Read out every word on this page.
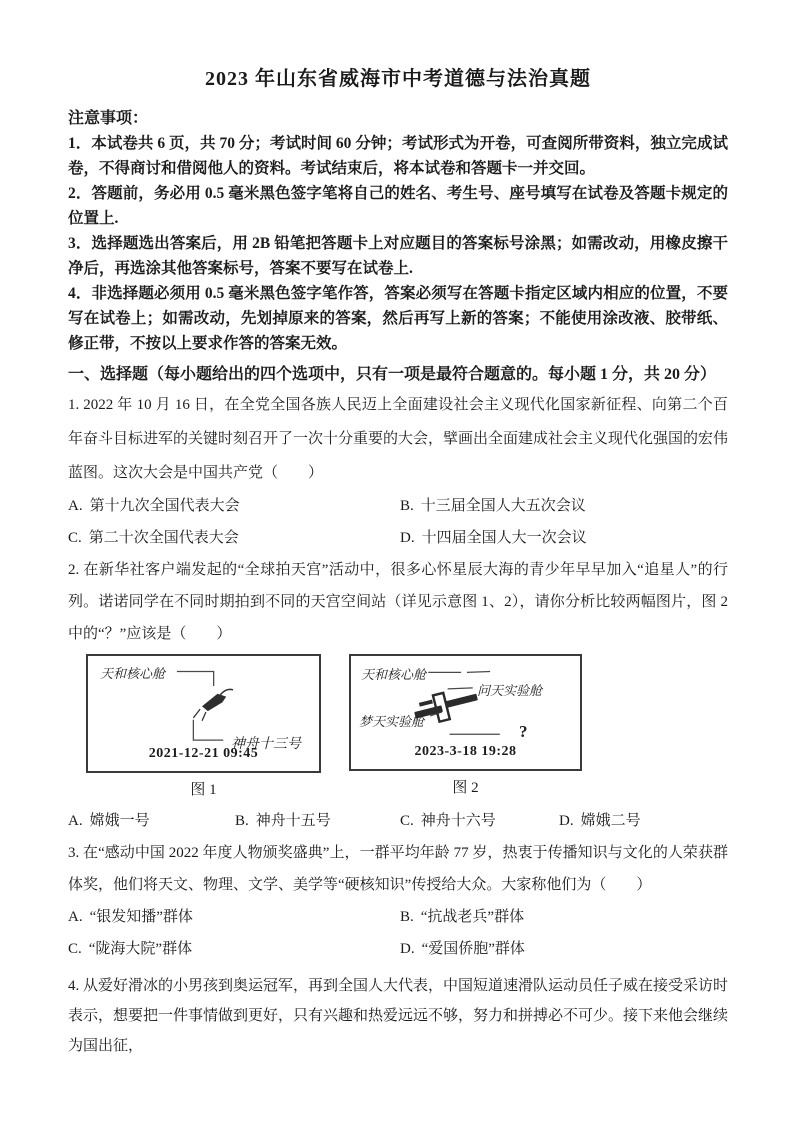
2023 年山东省威海市中考道德与法治真题
注意事项：
1．本试卷共 6 页，共 70 分；考试时间 60 分钟；考试形式为开卷，可查阅所带资料，独立完成试卷，不得商讨和借阅他人的资料。考试结束后，将本试卷和答题卡一并交回。
2．答题前，务必用 0.5 毫米黑色签字笔将自己的姓名、考生号、座号填写在试卷及答题卡规定的位置上.
3．选择题选出答案后，用 2B 铅笔把答题卡上对应题目的答案标号涂黑；如需改动，用橡皮擦干净后，再选涂其他答案标号，答案不要写在试卷上.
4．非选择题必须用 0.5 毫米黑色签字笔作答，答案必须写在答题卡指定区域内相应的位置，不要写在试卷上；如需改动，先划掉原来的答案，然后再写上新的答案；不能使用涂改液、胶带纸、修正带，不按以上要求作答的答案无效。
一、选择题（每小题给出的四个选项中，只有一项是最符合题意的。每小题 1 分，共 20 分）
1. 2022 年 10 月 16 日，在全党全国各族人民迈上全面建设社会主义现代化国家新征程、向第二个百年奋斗目标进军的关键时刻召开了一次十分重要的大会，擘画出全面建成社会主义现代化强国的宏伟蓝图。这次大会是中国共产党（　　）
A. 第十九次全国代表大会	B. 十三届全国人大五次会议
C. 第二十次全国代表大会	D. 十四届全国人大一次会议
2. 在新华社客户端发起的“全球拍天宫”活动中，很多心怀星辰大海的青少年早早加入“追星人”的行列。诺诺同学在不同时期拍到不同的天宫空间站（详见示意图 1、2），请你分析比较两幅图片，图 2 中的“？”应该是（　　）
天和核心舱
神舟十三号
2021-12-21 09:45
图 1
天和核心舱
问天实验舱
梦天实验舱
?
2023-3-18 19:28
图 2
A. 嫦娥一号	B. 神舟十五号	C. 神舟十六号	D. 嫦娥二号
3. 在“感动中国 2022 年度人物颁奖盛典”上，一群平均年龄 77 岁，热衷于传播知识与文化的人荣获群体奖，他们将天文、物理、文学、美学等“硬核知识”传授给大众。大家称他们为（　　）
A. “银发知播”群体	B. “抗战老兵”群体
C. “陇海大院”群体	D. “爱国侨胞”群体
4. 从爱好滑冰的小男孩到奥运冠军，再到全国人大代表，中国短道速滑队运动员任子威在接受采访时表示，想要把一件事情做到更好，只有兴趣和热爱远远不够，努力和拼搏必不可少。接下来他会继续为国出征，
